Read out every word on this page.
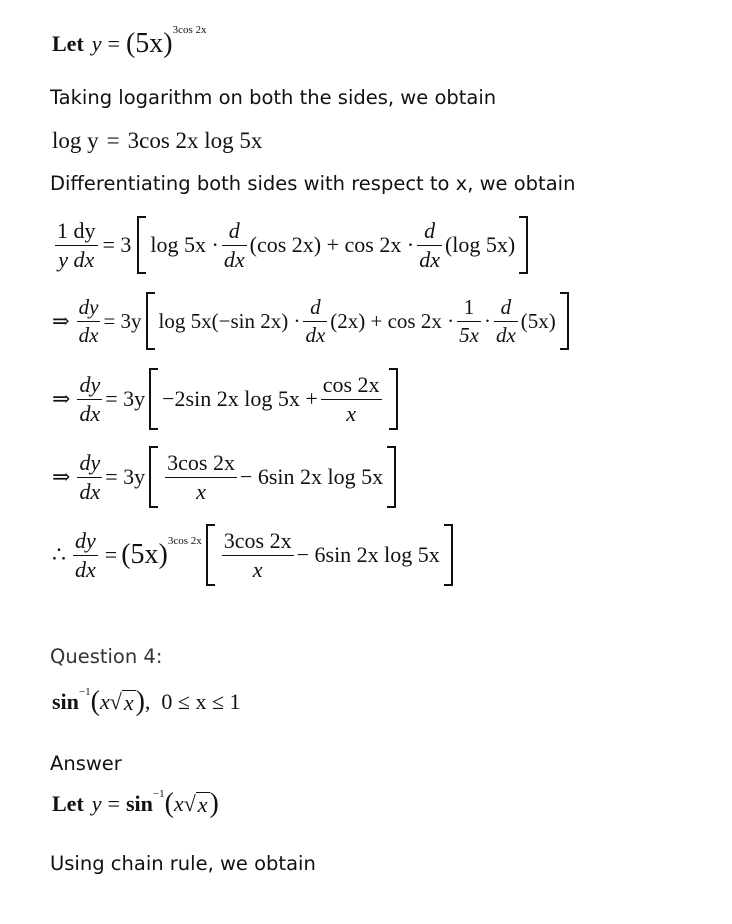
Let $y = (5x)^{3cos 2x}$
Taking logarithm on both the sides, we obtain
log y = 3cos 2x log 5x
Differentiating both sides with respect to x, we obtain
$\frac{1 dy}{\text{y dx}} = 3$ $\log 5x \cdot \frac{d}{dx} (\cos$ $2x) + \cos 2x \cdot \frac{d}{dx} (\log$ 5x)
⇒ $\frac{dy}{dx} = 3y$ log 5x(−sin $2x) \cdot \frac{d}{dx} (2x) + \cos 2x \cdot \frac{1}{5x} \cdot \frac{d}{dx} (5x)$
⇒ $\frac{dy}{dx} = 3y -2\sin$ 2x $\log 5x + \frac{\cos 2x}{x}$
⇒ $\frac{dy}{dx} = 3y \frac{3\cos 2x}{x} - 6\sin$ 2x log 5x
∴ $\frac{dy}{dx} = (5x)^{3cos 2x} \frac{3\cos 2x}{x} - 6\sin$ 2x log 5x
Question 4:
$\sin^{-1}$ ( x √ x ) , 0 ≤ x ≤ 1
Answer
Let $y = \sin^{-1}$ ( x √ x )
Using chain rule, we obtain
